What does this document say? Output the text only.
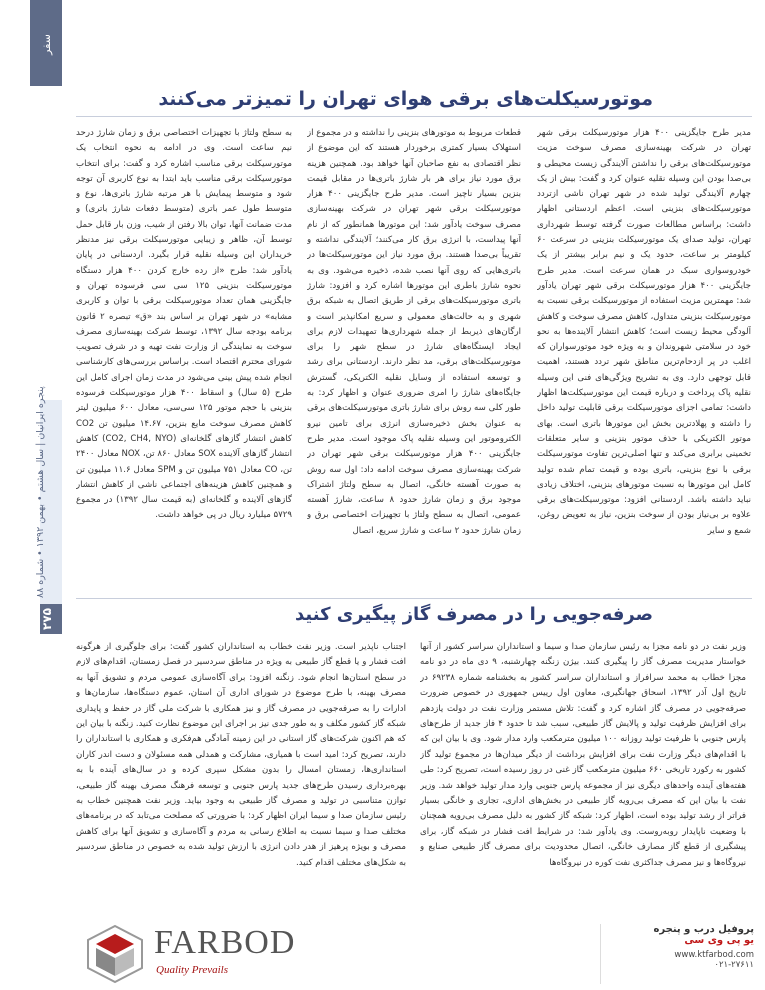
سفر
پنجره ایرانیان | سال هشتم • بهمن ۱۳۹۲ • شماره ۸۸
۲۷۵
موتورسیکلت‌های برقی هوای تهران را تمیزتر می‌کنند
مدیر طرح جایگزینی ۴۰۰ هزار موتورسیکلت برقی شهر تهران در شرکت بهینه‌سازی مصرف سوخت مزیت موتورسیکلت‌های برقی را نداشتن آلایندگی زیست محیطی و بی‌صدا بودن این وسیله نقلیه عنوان کرد و گفت: بیش از یک چهارم آلایندگی تولید شده در شهر تهران ناشی ازتردد موتورسیکلت‌های بنزینی است. اعظم اردستانی اظهار داشت: براساس مطالعات صورت گرفته توسط شهرداری تهران، تولید صدای یک موتورسیکلت بنزینی در سرعت ۶۰ کیلومتر بر ساعت، حدود یک و نیم برابر بیشتر از یک خودروسواری سبک در همان سرعت است. مدیر طرح جایگزینی ۴۰۰ هزار موتورسیکلت برقی شهر تهران یادآور شد: مهمترین مزیت استفاده از موتورسیکلت برقی نسبت به موتورسیکلت بنزینی متداول، کاهش مصرف سوخت و کاهش آلودگی محیط زیست است؛ کاهش انتشار آلاینده‌ها به نحو خود در سلامتی شهروندان و به ویژه خود موتورسواران که اغلب در پر ازدحام‌ترین مناطق شهر تردد هستند، اهمیت قابل توجهی دارد. وی به تشریح ویژگی‌های فنی این وسیله نقلیه پاک پرداخت و درباره قیمت این موتورسیکلت‌ها اظهار داشت: تمامی اجزای موتورسیکلت برقی قابلیت تولید داخل را داشته و پهلادترین بخش این موتورها باتری است. بهای موتور الکتریکی با حذف موتور بنزینی و سایر متعلقات تخمینی برابری می‌کند و تنها اصلی‌ترین تفاوت موتورسیکلت برقی با نوع بنزینی، باتری بوده و قیمت تمام شده تولید کامل این موتورها به نسبت موتورهای بنزینی، اختلاف زیادی نباید داشته باشد. اردستانی افزود: موتورسیکلت‌های برقی علاوه بر بی‌نیاز بودن از سوخت بنزین، نیاز به تعویض روغن، شمع و سایر
قطعات مربوط به موتورهای بنزینی را نداشته و در مجموع از استهلاک بسیار کمتری برخوردار هستند که این موضوع از نظر اقتصادی به نفع صاحبان آنها خواهد بود. همچنین هزینه برق مورد نیاز برای هر بار شارژ باتری‌ها در مقابل قیمت بنزین بسیار ناچیز است. مدیر طرح جایگزینی ۴۰۰ هزار موتورسیکلت برقی شهر تهران در شرکت بهینه‌سازی مصرف سوخت یادآور شد: این موتورها همانطور که از نام آنها پیداست، با انرژی برق کار می‌کنند؛ آلایندگی نداشته و تقریباً بی‌صدا هستند. برق مورد نیاز این موتورسیکلت‌ها در باتری‌هایی که روی آنها نصب شده، ذخیره می‌شود. وی به نحوه شارژ باطری این موتورها اشاره کرد و افزود: شارژ باتری موتورسیکلت‌های برقی از طریق اتصال به شبکه برق شهری و به حالت‌های معمولی و سریع امکانپذیر است و ارگان‌های ذیربط از جمله شهرداری‌ها تمهیدات لازم برای ایجاد ایستگاه‌های شارژ در سطح شهر را برای موتورسیکلت‌های برقی، مد نظر دارند. اردستانی برای رشد و توسعه استفاده از وسایل نقلیه الکتریکی، گسترش جایگاه‌های شارژ را امری ضروری عنوان و اظهار کرد: به طور کلی سه روش برای شارژ باتری موتورسیکلت‌های برقی به عنوان بخش ذخیره‌سازی انرژی برای تامین نیرو الکتروموتور این وسیله نقلیه پاک موجود است. مدیر طرح جایگزینی ۴۰۰ هزار موتورسیکلت برقی شهر تهران در شرکت بهینه‌سازی مصرف سوخت ادامه داد: اول سه روش به صورت آهسته خانگی، اتصال به سطح ولتاژ اشتراک موجود برق و زمان شارژ حدود ۸ ساعت، شارژ آهسته عمومی، اتصال به سطح ولتاژ با تجهیزات اختصاصی برق و زمان شارژ حدود ۲ ساعت و شارژ سریع، اتصال
به سطح ولتاژ با تجهیزات اختصاصی برق و زمان شارژ درحد نیم ساعت است. وی در ادامه به نحوه انتخاب یک موتورسیکلت برقی مناسب اشاره کرد و گفت: برای انتخاب موتورسیکلت برقی مناسب باید ابتدا به نوع کاربری آن توجه شود و متوسط پیمایش با هر مرتبه شارژ باتری‌ها، نوع و متوسط طول عمر باتری (متوسط دفعات شارژ باتری) و مدت ضمانت آنها، توان بالا رفتن از شیب، وزن بار قابل حمل توسط آن، ظاهر و زیبایی موتورسیکلت برقی نیز مدنظر خریداران این وسیله نقلیه قرار بگیرد. اردستانی در پایان یادآور شد: طرح «از رده خارج کردن ۴۰۰ هزار دستگاه موتورسیکلت بنزینی ۱۲۵ سی سی فرسوده تهران و جایگزینی همان تعداد موتورسیکلت برقی با توان و کاربری مشابه» در شهر تهران بر اساس بند «ق» تبصره ۲ قانون برنامه بودجه سال ۱۳۹۲، توسط شرکت بهینه‌سازی مصرف سوخت به نمایندگی از وزارت نفت تهیه و در شرف تصویب شورای محترم اقتصاد است. براساس بررسی‌های کارشناسی انجام شده پیش بینی می‌شود در مدت زمان اجرای کامل این طرح (۵ سال) و اسقاط ۴۰۰ هزار موتورسیکلت فرسوده بنزینی با حجم موتور ۱۲۵ سی‌سی، معادل ۶۰۰ میلیون لیتر کاهش مصرف سوخت مایع بنزین، ۱۴.۶۷ میلیون تن CO2 کاهش انتشار گازهای گلخانه‌ای (CO2, CH4, NYO) کاهش انتشار گازهای آلاینده SOX معادل ۸۶۰ تن، NOX معادل ۲۴۰۰ تن، CO معادل ۷۵۱ میلیون تن و SPM معادل ۱۱.۶ میلیون تن و همچنین کاهش هزینه‌های اجتماعی ناشی از کاهش انتشار گازهای آلاینده و گلخانه‌ای (به قیمت سال ۱۳۹۲) در مجموع ۵۷۲۹ میلیارد ریال در پی خواهد داشت.
صرفه‌جویی را در مصرف گاز پیگیری کنید
وزیر نفت در دو نامه مجزا به رئیس سازمان صدا و سیما و استانداران سراسر کشور از آنها خواستار مدیریت مصرف گاز را پیگیری کنند. بیژن زنگنه چهارشنبه، ۹ دی ماه در دو نامه مجزا خطاب به محمد سرافراز و استانداران سراسر کشور به بخشنامه شماره ۶۹۲۳۸ در تاریخ اول آذر ۱۳۹۲، اسحاق جهانگیری، معاون اول رییس جمهوری در خصوص ضرورت صرفه‌جویی در مصرف گاز اشاره کرد و گفت: تلاش مستمر وزارت نفت در دولت یازدهم برای افزایش ظرفیت تولید و پالایش گاز طبیعی، سبب شد تا حدود ۴ فاز جدید از طرح‌های پارس جنوبی با ظرفیت تولید روزانه ۱۰۰ میلیون مترمکعب وارد مدار شود. وی با بیان این که با اقدام‌های دیگر وزارت نفت برای افزایش برداشت از دیگر میدان‌ها در مجموع تولید گاز کشور به رکورد تاریخی ۶۶۰ میلیون مترمکعب گاز غنی در روز رسیده است، تصریح کرد: طی هفته‌های آینده واحدهای دیگری نیز از مجموعه پارس جنوبی وارد مدار تولید خواهد شد. وزیر نفت با بیان این که مصرف بی‌رویه گاز طبیعی در بخش‌های اداری، تجاری و خانگی بسیار فراتر از رشد تولید بوده است، اظهار کرد: شبکه گاز کشور به دلیل مصرف بی‌رویه همچنان با وضعیت ناپایدار روبه‌روست. وی یادآور شد: در شرایط افت فشار در شبکه گاز، برای پیشگیری از قطع گاز مصارف خانگی، اتصال محدودیت برای مصرف گاز طبیعی صنایع و نیروگاه‌ها و نیز مصرف جداکثری نفت کوره در نیروگاه‌ها
اجتناب ناپذیر است. وزیر نفت خطاب به استانداران کشور گفت: برای جلوگیری از هرگونه افت فشار و یا قطع گاز طبیعی به ویژه در مناطق سردسیر در فصل زمستان، اقدام‌های لازم در سطح استان‌ها انجام شود. زنگنه افزود: برای آگاه‌سازی عمومی مردم و تشویق آنها به مصرف بهینه، با طرح موضوع در شورای اداری آن استان، عموم دستگاه‌ها، سازمان‌ها و ادارات را به صرفه‌جویی در مصرف گاز و نیز همکاری با شرکت ملی گاز در حفظ و پایداری شبکه گاز کشور مکلف و به طور جدی نیز بر اجرای این موضوع نظارت کنید. زنگنه با بیان این که هم اکنون شرکت‌های گاز استانی در این زمینه آمادگی هم‌فکری و همکاری با استانداران را دارند، تصریح کرد: امید است با همیاری، مشارکت و همدلی همه مسئولان و دست اندر کاران استانداری‌ها، زمستان امسال را بدون مشکل سپری کرده و در سال‌های آینده با به بهره‌برداری رسیدن طرح‌های جدید پارس جنوبی و توسعه فرهنگ مصرف بهینه گاز طبیعی، توازن متناسبی در تولید و مصرف گاز طبیعی به وجود بیاید. وزیر نفت همچنین خطاب به رئیس سازمان صدا و سیما ایران اظهار کرد: با ضرورتی که مصلحت می‌تابد که در برنامه‌های مختلف صدا و سیما نسبت به اطلاع رسانی به مردم و آگاه‌سازی و تشویق آنها برای کاهش مصرف و بویژه پرهیز از هدر دادن انرژی با ارزش تولید شده به خصوص در مناطق سردسیر به شکل‌های مختلف اقدام کنید.
FARBOD
Quality Prevails
پروفیل درب و پنجره
یو پی وی سی
www.ktfarbod.com
۰۲۱-۲۷۶۱۱
